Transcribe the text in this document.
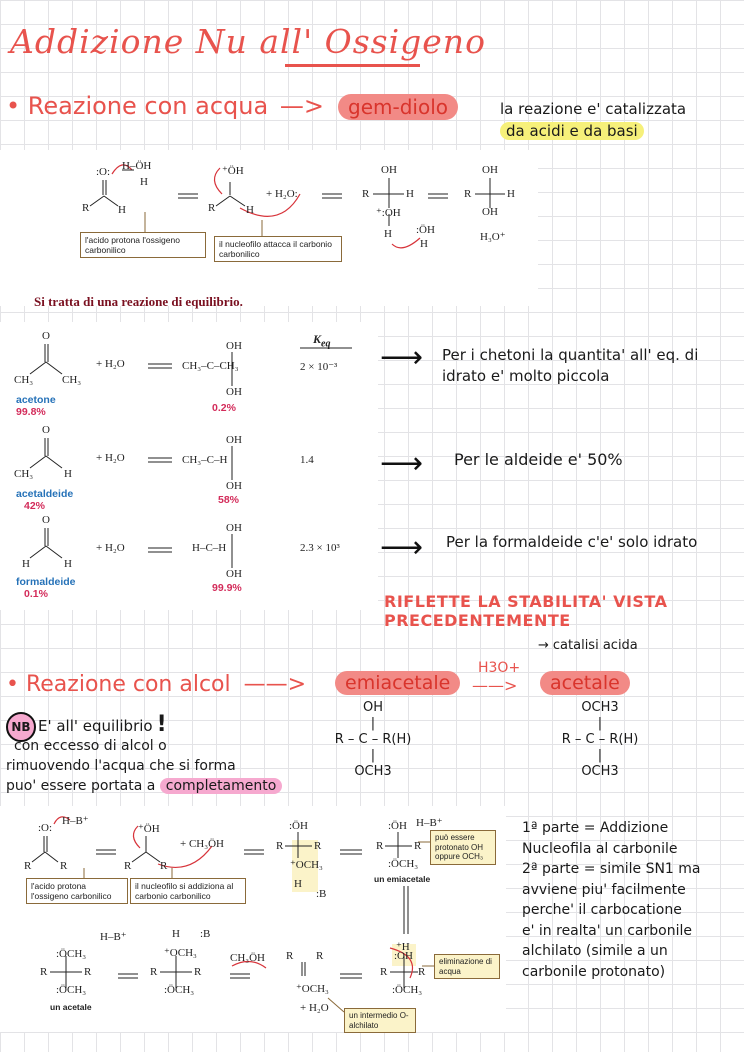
Addizione Nu all' Ossigeno
• Reazione con acqua —>	gem-diolo	la reazione e' catalizzata
da acidi e da basi
:O: H–ÖH
H
R	H
⁺ÖH
R	H
+ H₂O:
OH
R	H
⁺:OH
H :ÖH
H
OH
R	H
OH
H₃O⁺
l'acido protona l'ossigeno carbonilico
il nucleofilo attacca il carbonio carbonilico
Si tratta di una reazione di equilibrio.
$K_{eq}$
O
CH₃	CH₃
+ H₂O
OH
CH₃–C–CH₃
OH
2 × 10⁻³
acetone
99.8%	0.2%
O
CH₃	H
+ H₂O
OH
CH₃–C–H
OH
1.4
acetaldeide
42%	58%
O
H	H
+ H₂O
OH
H–C–H
OH
2.3 × 10³
formaldeide
0.1%	99.9%
⟶
⟶
⟶
Per i chetoni la quantita' all' eq. di idrato e' molto piccola
Per le aldeide e' 50%
Per la formaldeide c'e' solo idrato
RIFLETTE LA STABILITA' VISTA PRECEDENTEMENTE
→ catalisi acida
• Reazione con alcol ——>	emiacetale
H3O+
——>	acetale
NB E' all' equilibrio !
con eccesso di alcol o
rimuovendo l'acqua che si forma
puo' essere portata a completamento
OH
|
R – C – R(H)
|
OCH3
OCH3
|
R – C – R(H)
|
OCH3
:O:
H–B⁺
R	R
⁺ÖH
R	R
+ CH₃ÖH
:ÖH
R	R
⁺OCH₃
H
:B
:ÖH H–B⁺
R	R
:ÖCH₃
un emiacetale
può essere protonato OH oppure OCH₃
l'acido protona l'ossigeno carbonilico
il nucleofilo si addiziona al carbonio carbonilico
H–B⁺
:ÖCH₃
R	R
:ÖCH₃
un acetale
H :B
⁺OCH₃
R	R
:ÖCH₃
CH₃ÖH R R
⁺OCH₃
+ H₂O
⁺H
:OH
R	R
:ÖCH₃
eliminazione di acqua
un intermedio O-alchilato
1ª parte = Addizione
Nucleofila al carbonile
2ª parte = simile SN1 ma
avviene piu' facilmente
perche' il carbocatione
e' in realta' un carbonile
alchilato (simile a un
carbonile protonato)
